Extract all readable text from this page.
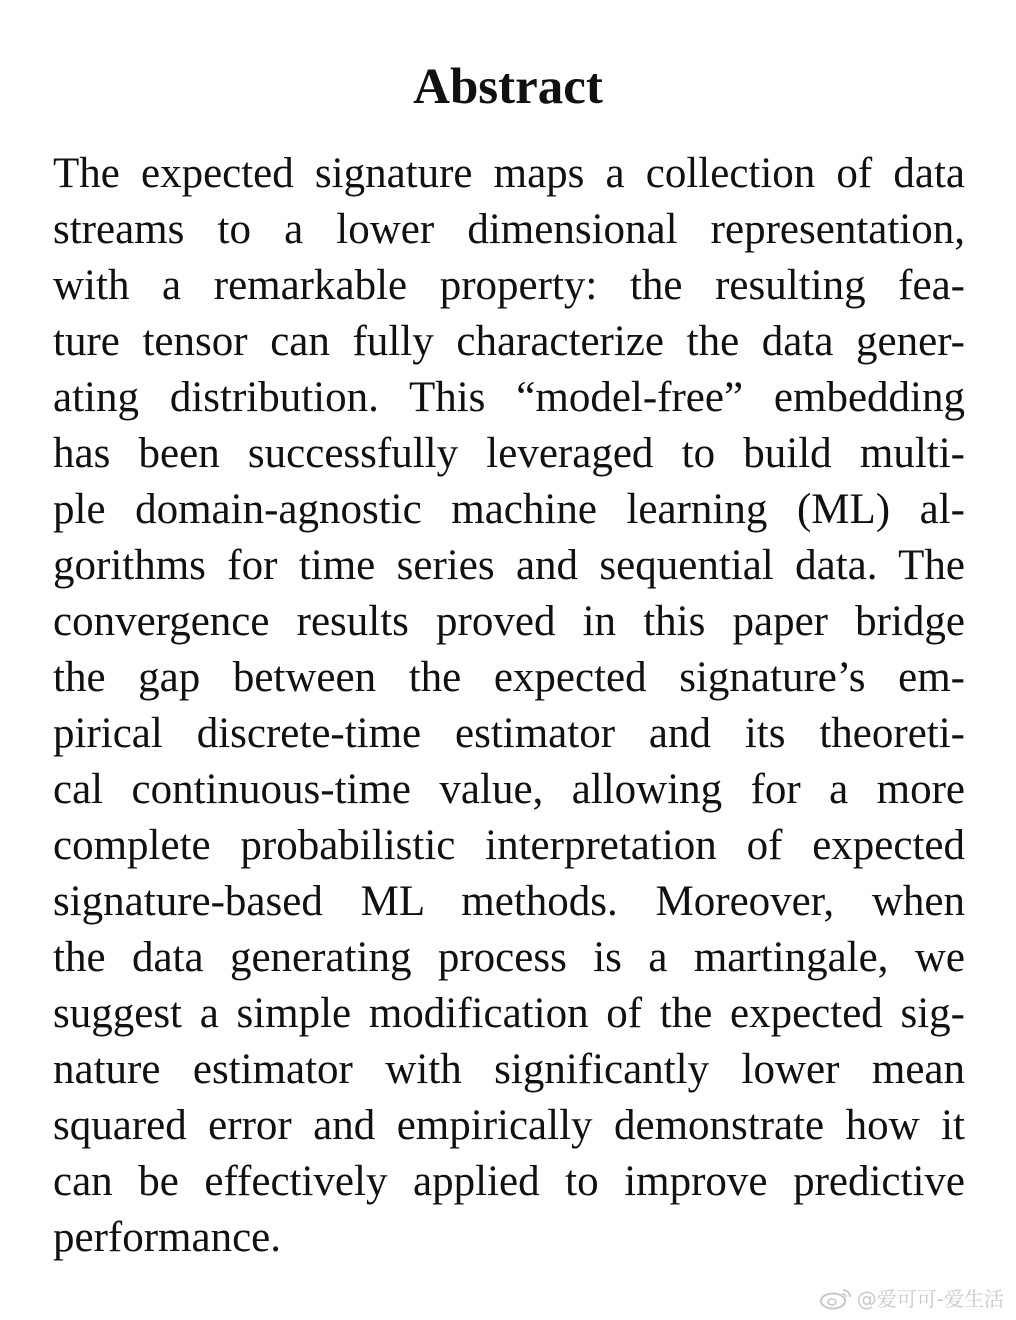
Abstract
The expected signature maps a collection of data
streams to a lower dimensional representation,
with a remarkable property: the resulting fea-
ture tensor can fully characterize the data gener-
ating distribution. This “model-free” embedding
has been successfully leveraged to build multi-
ple domain-agnostic machine learning (ML) al-
gorithms for time series and sequential data. The
convergence results proved in this paper bridge
the gap between the expected signature’s em-
pirical discrete-time estimator and its theoreti-
cal continuous-time value, allowing for a more
complete probabilistic interpretation of expected
signature-based ML methods. Moreover, when
the data generating process is a martingale, we
suggest a simple modification of the expected sig-
nature estimator with significantly lower mean
squared error and empirically demonstrate how it
can be effectively applied to improve predictive
performance.
@爱可可-爱生活
